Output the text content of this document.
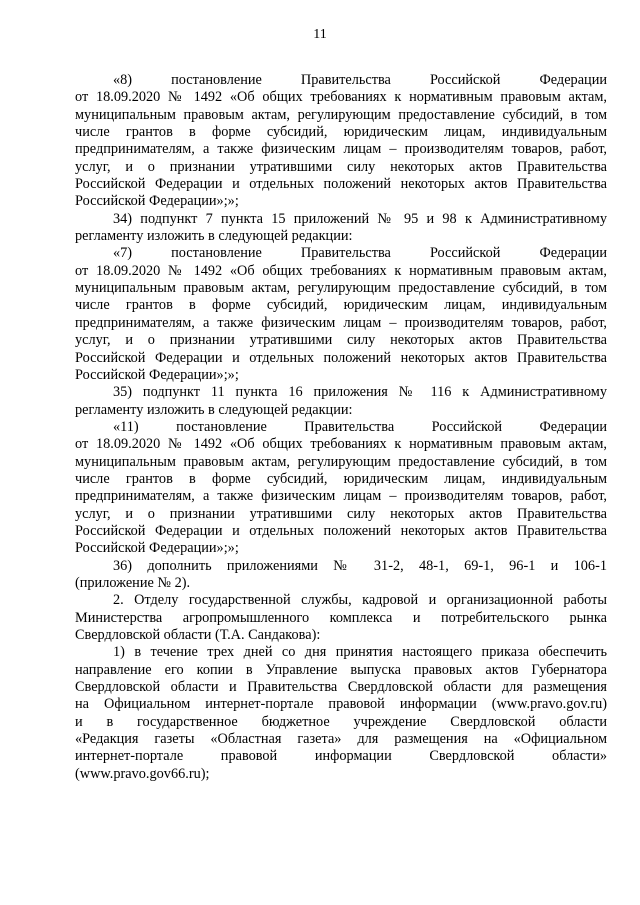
11

«8) постановление Правительства Российской Федерации
от 18.09.2020 № 1492 «Об общих требованиях к нормативным правовым актам,
муниципальным правовым актам, регулирующим предоставление субсидий, в том
числе грантов в форме субсидий, юридическим лицам, индивидуальным
предпринимателям, а также физическим лицам – производителям товаров, работ,
услуг, и о признании утратившими силу некоторых актов Правительства
Российской Федерации и отдельных положений некоторых актов Правительства
Российской Федерации»;»;

34) подпункт 7 пункта 15 приложений № 95 и 98 к Административному
регламенту изложить в следующей редакции:

«7) постановление Правительства Российской Федерации
от 18.09.2020 № 1492 «Об общих требованиях к нормативным правовым актам,
муниципальным правовым актам, регулирующим предоставление субсидий, в том
числе грантов в форме субсидий, юридическим лицам, индивидуальным
предпринимателям, а также физическим лицам – производителям товаров, работ,
услуг, и о признании утратившими силу некоторых актов Правительства
Российской Федерации и отдельных положений некоторых актов Правительства
Российской Федерации»;»;

35) подпункт 11 пункта 16 приложения № 116 к Административному
регламенту изложить в следующей редакции:

«11) постановление Правительства Российской Федерации
от 18.09.2020 № 1492 «Об общих требованиях к нормативным правовым актам,
муниципальным правовым актам, регулирующим предоставление субсидий, в том
числе грантов в форме субсидий, юридическим лицам, индивидуальным
предпринимателям, а также физическим лицам – производителям товаров, работ,
услуг, и о признании утратившими силу некоторых актов Правительства
Российской Федерации и отдельных положений некоторых актов Правительства
Российской Федерации»;»;

36) дополнить приложениями № 31-2, 48-1, 69-1, 96-1 и 106-1
(приложение № 2).

2. Отделу государственной службы, кадровой и организационной работы
Министерства агропромышленного комплекса и потребительского рынка
Свердловской области (Т.А. Сандакова):

1) в течение трех дней со дня принятия настоящего приказа обеспечить
направление его копии в Управление выпуска правовых актов Губернатора
Свердловской области и Правительства Свердловской области для размещения
на Официальном интернет-портале правовой информации (www.pravo.gov.ru)
и в государственное бюджетное учреждение Свердловской области
«Редакция газеты «Областная газета» для размещения на «Официальном
интернет-портале правовой информации Свердловской области»
(www.pravo.gov66.ru);
